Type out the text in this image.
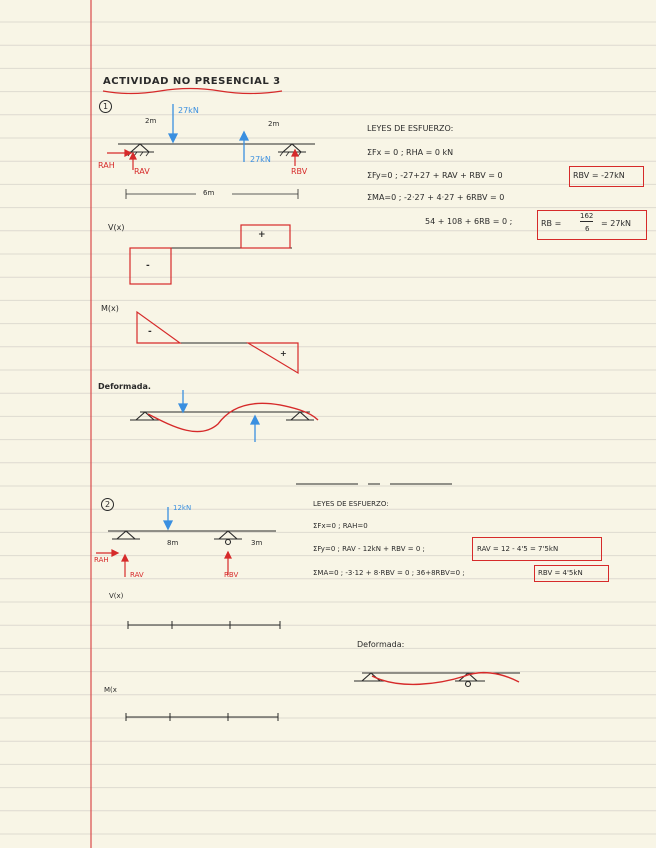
ACTIVIDAD NO PRESENCIAL 3
1	27kN
27kN
2m	2m
6m
RAH
RAV	RBV
LEYES DE ESFUERZO:
ΣFx = 0 ; RHA = 0 kN
ΣFy=0 ; -27+27 + RAV + RBV = 0	RBV = -27kN
ΣMA=0 ; -2·27 + 4·27 + 6RBV = 0
54 + 108 + 6RB = 0 ;	RB =
162
6
= 27kN
V(x)
+
-
M(x)
-
+
Deformada.
2	12kN
8m	3m
RAH
RAV	RBV
LEYES DE ESFUERZO:
ΣFx=0 ; RAH=0
ΣFy=0 ; RAV - 12kN + RBV = 0 ;	RAV = 12 - 4'5 = 7'5kN
ΣMA=0 ; -3·12 + 8·RBV = 0 ; 36+8RBV=0 ;	RBV = 4'5kN
V(x)
M(x
Deformada:
